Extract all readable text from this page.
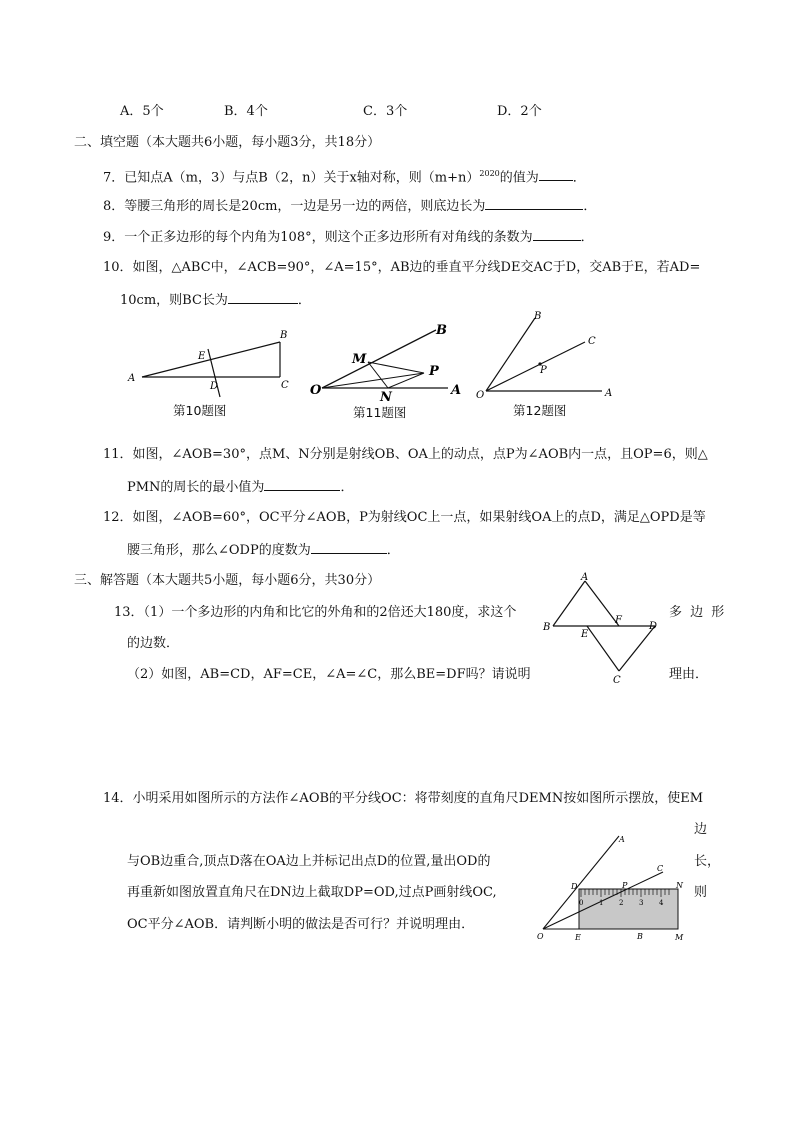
A．5个	B．4个	C．3个	D．2个
二、填空题（本大题共6小题，每小题3分，共18分）
7．已知点A（m，3）与点B（2，n）关于x轴对称，则$(m+n)^{2020}$的值为	．
8．等腰三角形的周长是20cm，一边是另一边的两倍，则底边长为	．
9．一个正多边形的每个内角为108°，则这个正多边形所有对角线的条数为	．
10．如图，△ABC中，∠ACB=90°，∠A=15°，AB边的垂直平分线DE交AC于D，交AB于E，若AD=
10cm，则BC长为	．
A
B
C
D
E
第10题图
O	A
B
M
N
P
第11题图
O	A
B
C
P
第12题图
11．如图，∠AOB=30°，点M、N分别是射线OB、OA上的动点，点P为∠AOB内一点，且OP=6，则△
PMN的周长的最小值为	．
12．如图，∠AOB=60°，OC平分∠AOB，P为射线OC上一点，如果射线OA上的点D，满足△OPD是等
腰三角形，那么∠ODP的度数为	．
三、解答题（本大题共5小题，每小题6分，共30分）
13．（1）一个多边形的内角和比它的外角和的2倍还大180度，求这个	多 边 形
的边数．
（2）如图，AB=CD，AF=CE，∠A=∠C，那么BE=DF吗？请说明	理由．
A
B
C
D
E
F
14．小明采用如图所示的方法作∠AOB的平分线OC：将带刻度的直角尺DEMN按如图所示摆放，使EM
边
与OB边重合,顶点D落在OA边上并标记出点D的位置,量出OD的	长，
再重新如图放置直角尺在DN边上截取DP=OD,过点P画射线OC,	则
OC平分∠AOB．请判断小明的做法是否可行？并说明理由．
0 1 2 3 4
O
A
B
C
D
E	M
N
P
